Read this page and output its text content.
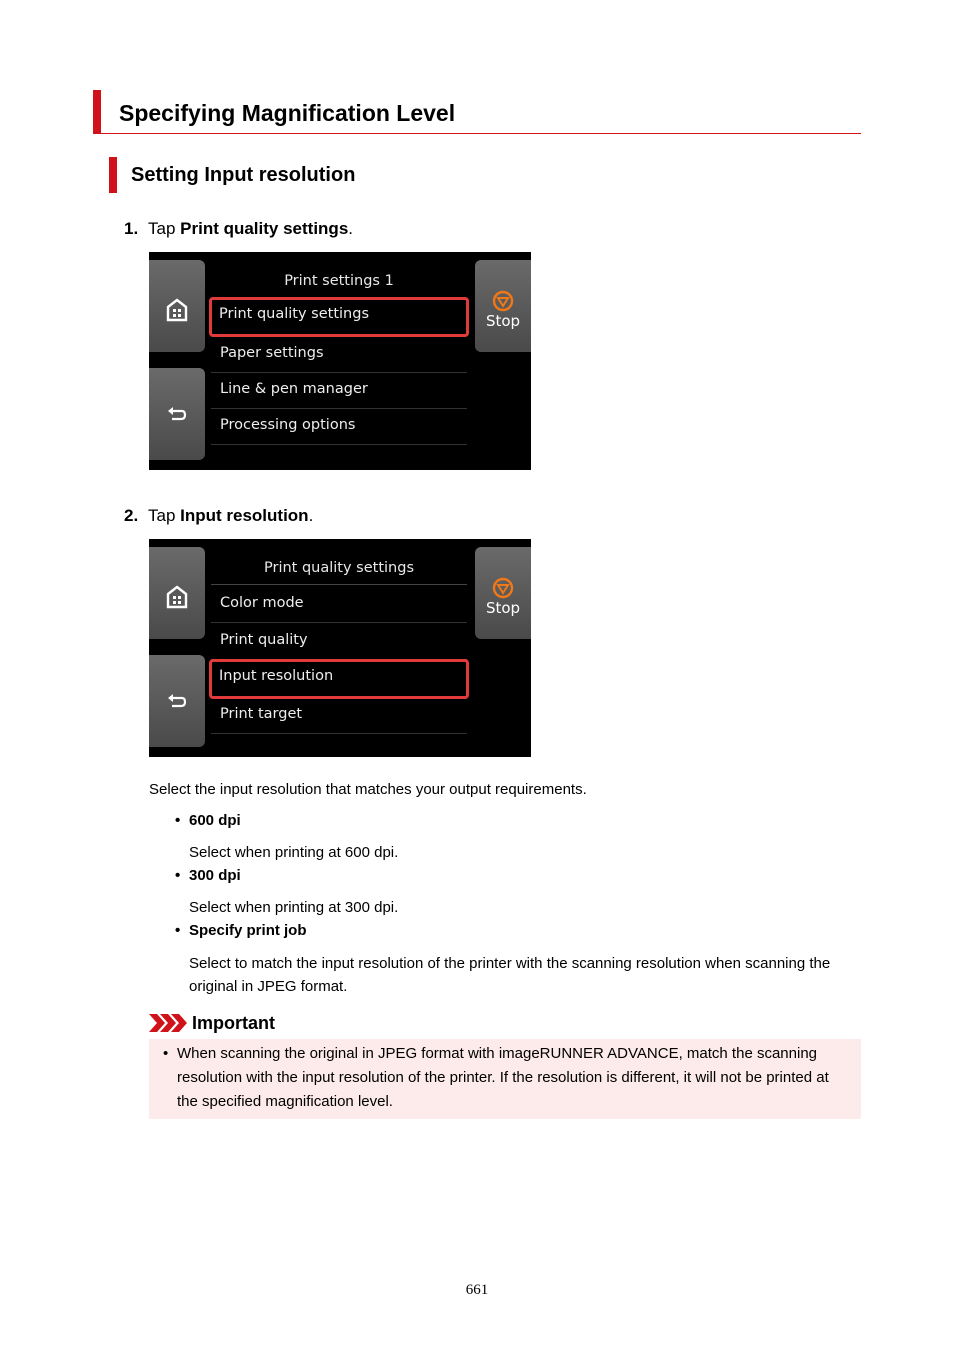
Specifying Magnification Level
Setting Input resolution
1. Tap Print quality settings.
Stop
Print settings 1
Print quality settings
Paper settings
Line & pen manager
Processing options
2. Tap Input resolution.
Stop
Print quality settings
Color mode
Print quality
Input resolution
Print target
Select the input resolution that matches your output requirements.
• 600 dpi
Select when printing at 600 dpi.
• 300 dpi
Select when printing at 300 dpi.
• Specify print job
Select to match the input resolution of the printer with the scanning resolution when scanning the original in JPEG format.
Important
• When scanning the original in JPEG format with imageRUNNER ADVANCE, match the scanning resolution with the input resolution of the printer. If the resolution is different, it will not be printed at the specified magnification level.
661
